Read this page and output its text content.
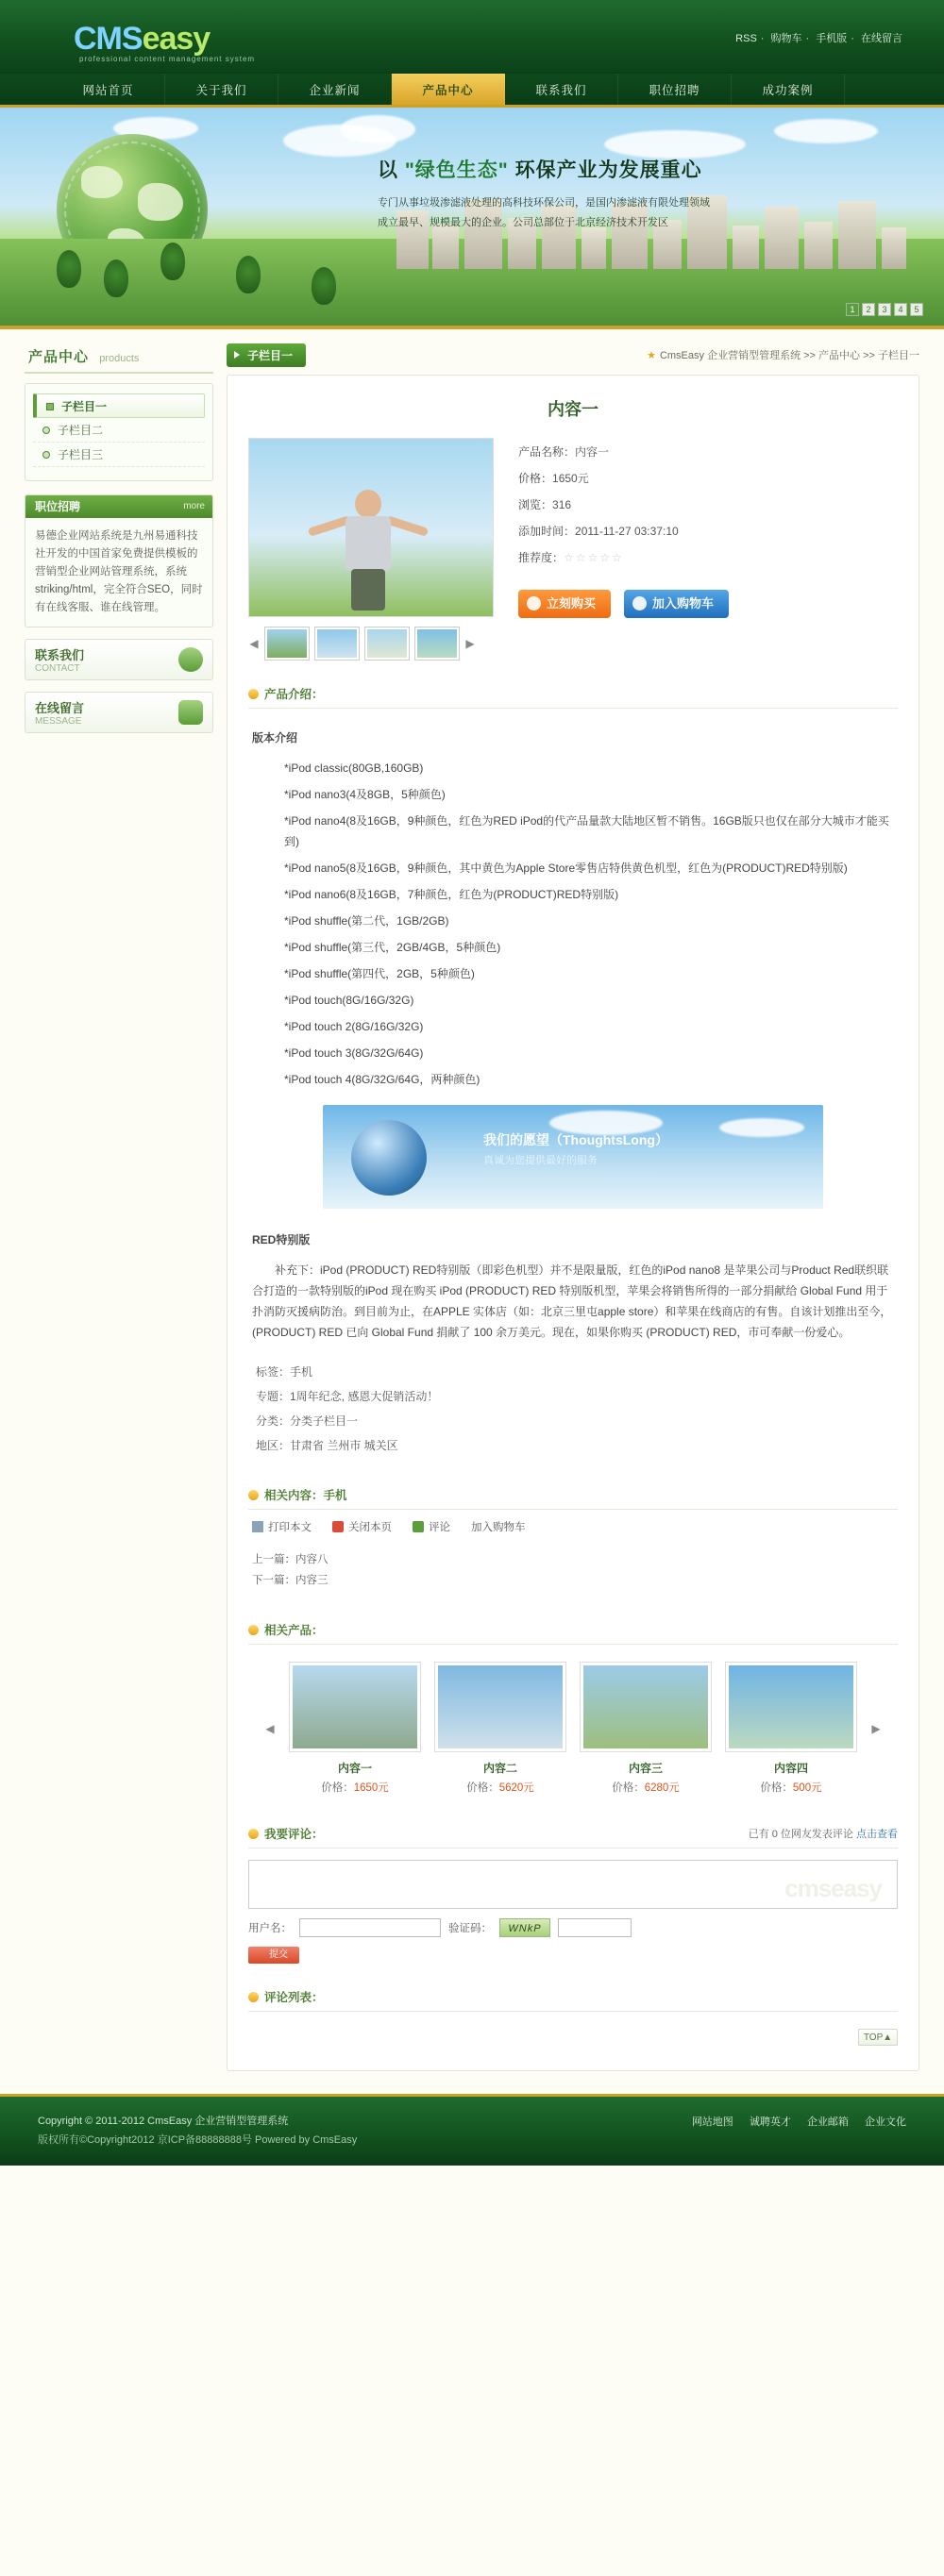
CMSeasy
professional content management system
RSS · 购物车 · 手机版 · 在线留言
网站首页	关于我们	企业新闻	产品中心	联系我们	职位招聘	成功案例
以 "绿色生态" 环保产业为发展重心
专门从事垃圾渗滤液处理的高科技环保公司，是国内渗滤液有限处理领域
成立最早、规模最大的企业。公司总部位于北京经济技术开发区
1	2	3	4	5
产品中心 products
子栏目一
子栏目二
子栏目三
职位招聘	more
易德企业网站系统是九州易通科技社开发的中国首家免费提供模板的营销型企业网站管理系统，系统striking/html，完全符合SEO，同时有在线客服、谁在线管理。
联系我们
CONTACT
在线留言
MESSAGE
子栏目一	★ CmsEasy 企业营销型管理系统 >> 产品中心 >> 子栏目一
内容一
◀	▶
产品名称：内容一
价格：1650元
浏览：316
添加时间：2011-11-27 03:37:10
推荐度：☆☆☆☆☆
立刻购买	加入购物车
产品介绍：
版本介绍
*iPod classic(80GB,160GB)
*iPod nano3(4及8GB，5种颜色)
*iPod nano4(8及16GB，9种颜色，红色为RED iPod的代产品量款大陆地区暂不销售。16GB版只也仅在部分大城市才能买到)
*iPod nano5(8及16GB，9种颜色，其中黄色为Apple Store零售店特供黄色机型，红色为(PRODUCT)RED特别版)
*iPod nano6(8及16GB，7种颜色，红色为(PRODUCT)RED特别版)
*iPod shuffle(第二代，1GB/2GB)
*iPod shuffle(第三代，2GB/4GB，5种颜色)
*iPod shuffle(第四代，2GB，5种颜色)
*iPod touch(8G/16G/32G)
*iPod touch 2(8G/16G/32G)
*iPod touch 3(8G/32G/64G)
*iPod touch 4(8G/32G/64G，两种颜色)
我们的愿望（ThoughtsLong）
真诚为您提供最好的服务
Our products - dependable provide the best service
RED特别版

补充下：iPod (PRODUCT) RED特别版（即彩色机型）并不是限量版，红色的iPod nano8 是苹果公司与Product Red联织联合打造的一款特别版的iPod 现在购买 iPod (PRODUCT) RED 特别版机型，苹果会将销售所得的一部分捐献给 Global Fund 用于扑消防灭援病防治。到目前为止，在APPLE 实体店（如：北京三里屯apple store）和苹果在线商店的有售。自该计划推出至今，(PRODUCT) RED 已向 Global Fund 捐献了 100 余万美元。现在，如果你购买 (PRODUCT) RED，市可奉献一份爱心。

标签：手机
专题：1周年纪念, 感恩大促销活动！
分类：分类子栏目一
地区：甘肃省 兰州市 城关区
相关内容：手机
打印本文	关闭本页	评论 加入购物车
上一篇：内容八
下一篇：内容三
相关产品：
◀
内容一
价格：1650元
内容二
价格：5620元
内容三
价格：6280元
内容四
价格：500元
▶
我要评论：	已有 0 位网友发表评论 点击查看
cmseasy
用户名：	验证码：	WNkP
提交
评论列表：
TOP▲
Copyright © 2011-2012 CmsEasy 企业营销型管理系统
版权所有©Copyright2012 京ICP备88888888号 Powered by CmsEasy
网站地图 诚聘英才 企业邮箱 企业文化
